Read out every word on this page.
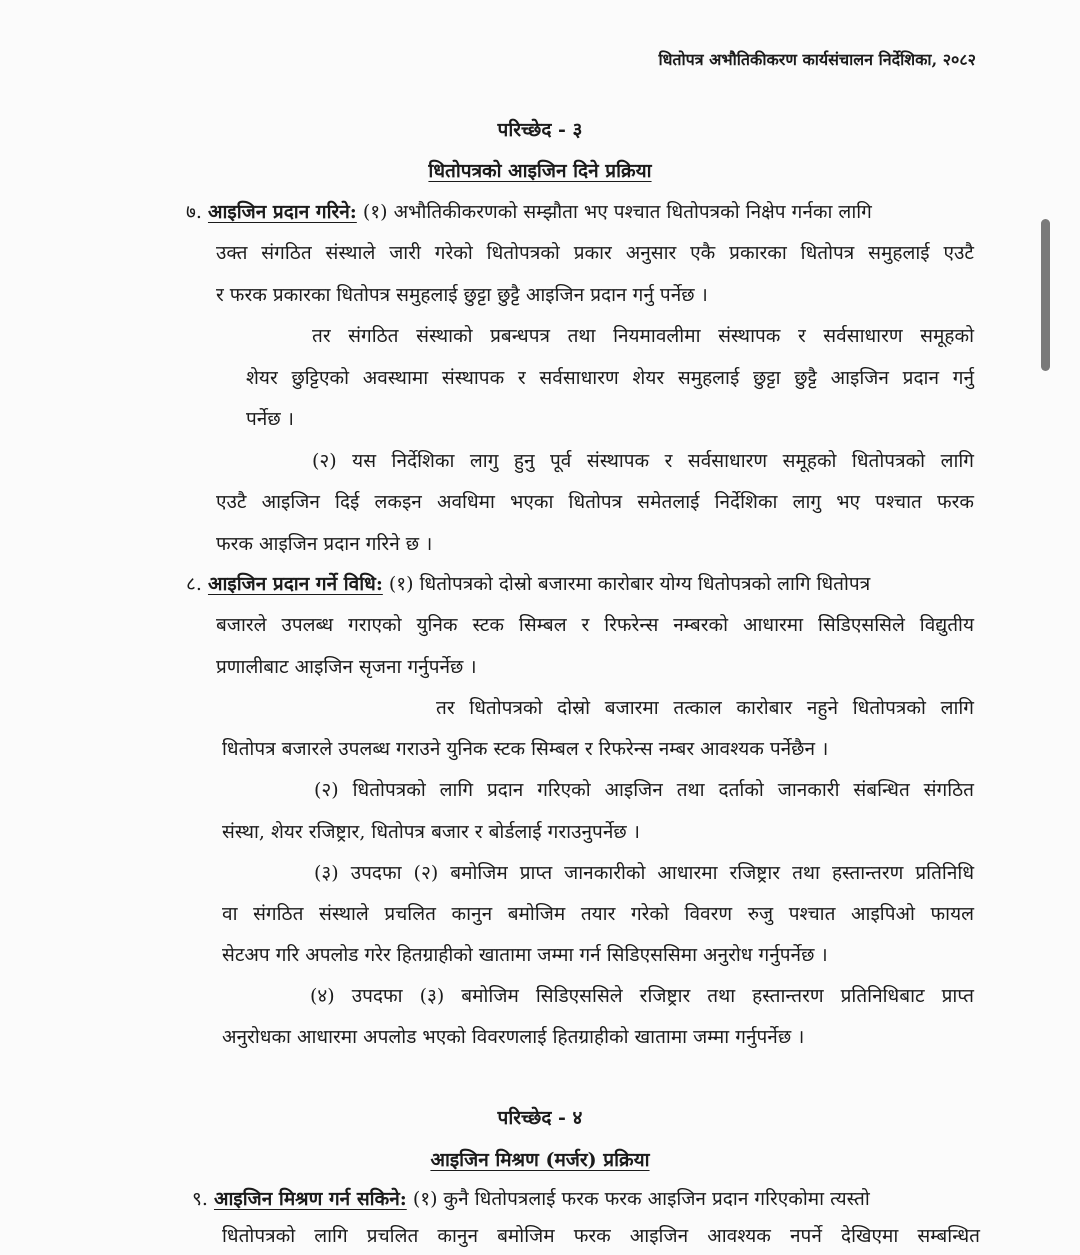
धितोपत्र अभौतिकीकरण कार्यसंचालन निर्देशिका, २०८२
परिच्छेद - ३
धितोपत्रको आइजिन दिने प्रक्रिया
७. आइजिन प्रदान गरिने: (१) अभौतिकीकरणको सम्झौता भए पश्चात धितोपत्रको निक्षेप गर्नका लागि
उक्त संगठित संस्थाले जारी गरेको धितोपत्रको प्रकार अनुसार एकै प्रकारका धितोपत्र समुहलाई एउटै
र फरक प्रकारका धितोपत्र समुहलाई छुट्टा छुट्टै आइजिन प्रदान गर्नु पर्नेछ ।
तर संगठित संस्थाको प्रबन्धपत्र तथा नियमावलीमा संस्थापक र सर्वसाधारण समूहको
शेयर छुट्टिएको अवस्थामा संस्थापक र सर्वसाधारण शेयर समुहलाई छुट्टा छुट्टै आइजिन प्रदान गर्नु
पर्नेछ ।
(२) यस निर्देशिका लागु हुनु पूर्व संस्थापक र सर्वसाधारण समूहको धितोपत्रको लागि
एउटै आइजिन दिई लकइन अवधिमा भएका धितोपत्र समेतलाई निर्देशिका लागु भए पश्चात फरक
फरक आइजिन प्रदान गरिने छ ।
८. आइजिन प्रदान गर्ने विधि: (१) धितोपत्रको दोस्रो बजारमा कारोबार योग्य धितोपत्रको लागि धितोपत्र
बजारले उपलब्ध गराएको युनिक स्टक सिम्बल र रिफरेन्स नम्बरको आधारमा सिडिएससिले विद्युतीय
प्रणालीबाट आइजिन सृजना गर्नुपर्नेछ ।
तर धितोपत्रको दोस्रो बजारमा तत्काल कारोबार नहुने धितोपत्रको लागि
धितोपत्र बजारले उपलब्ध गराउने युनिक स्टक सिम्बल र रिफरेन्स नम्बर आवश्यक पर्नेछैन ।
(२) धितोपत्रको लागि प्रदान गरिएको आइजिन तथा दर्ताको जानकारी संबन्धित संगठित
संस्था, शेयर रजिष्ट्रार, धितोपत्र बजार र बोर्डलाई गराउनुपर्नेछ ।
(३) उपदफा (२) बमोजिम प्राप्त जानकारीको आधारमा रजिष्ट्रार तथा हस्तान्तरण प्रतिनिधि
वा संगठित संस्थाले प्रचलित कानुन बमोजिम तयार गरेको विवरण रुजु पश्चात आइपिओ फायल
सेटअप गरि अपलोड गरेर हितग्राहीको खातामा जम्मा गर्न सिडिएससिमा अनुरोध गर्नुपर्नेछ ।
(४) उपदफा (३) बमोजिम सिडिएससिले रजिष्ट्रार तथा हस्तान्तरण प्रतिनिधिबाट प्राप्त
अनुरोधका आधारमा अपलोड भएको विवरणलाई हितग्राहीको खातामा जम्मा गर्नुपर्नेछ ।
परिच्छेद - ४
आइजिन मिश्रण (मर्जर) प्रक्रिया
९. आइजिन मिश्रण गर्न सकिने: (१) कुनै धितोपत्रलाई फरक फरक आइजिन प्रदान गरिएकोमा त्यस्तो
धितोपत्रको लागि प्रचलित कानुन बमोजिम फरक आइजिन आवश्यक नपर्ने देखिएमा सम्बन्धित
